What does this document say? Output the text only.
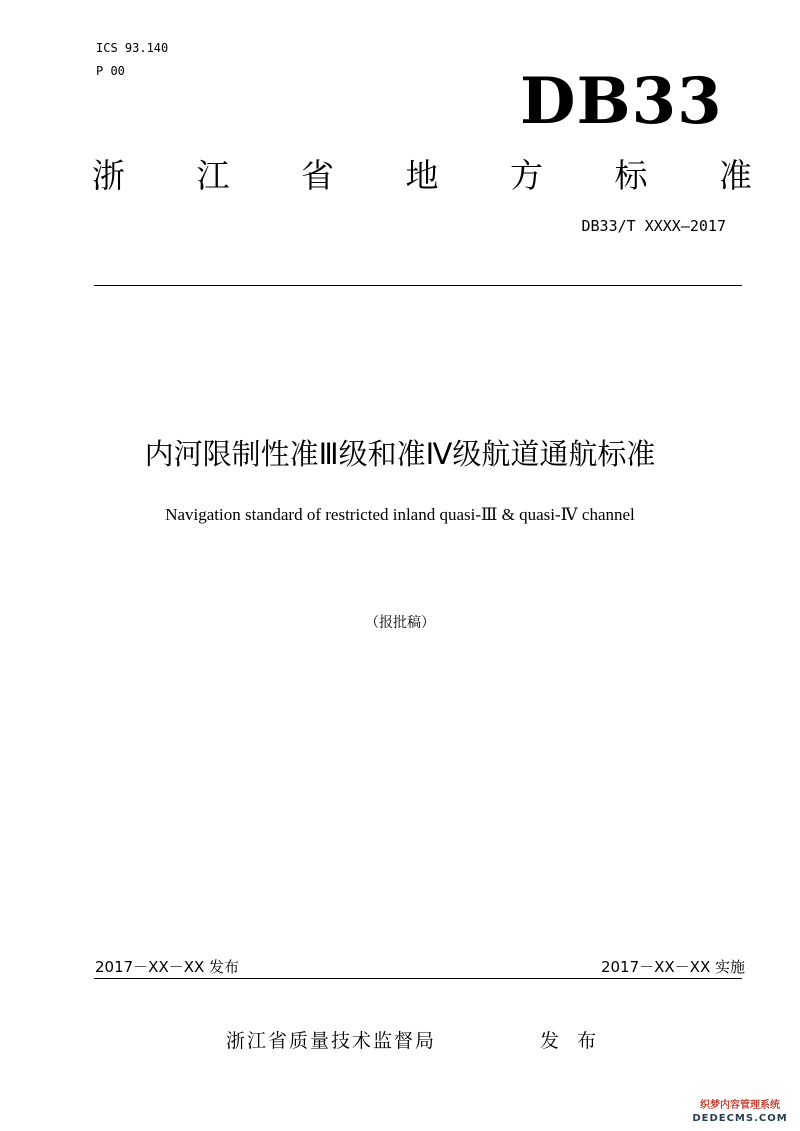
ICS 93.140
P 00	DB33
浙 江 省 地 方 标 准
DB33/T XXXX—2017
内河限制性准Ⅲ级和准Ⅳ级航道通航标准
Navigation standard of restricted inland quasi-Ⅲ & quasi-Ⅳ channel
（报批稿）
2017－XX－XX 发布	2017－XX－XX 实施
浙江省质量技术监督局	发 布
织梦内容管理系统
DEDECMS.COM
